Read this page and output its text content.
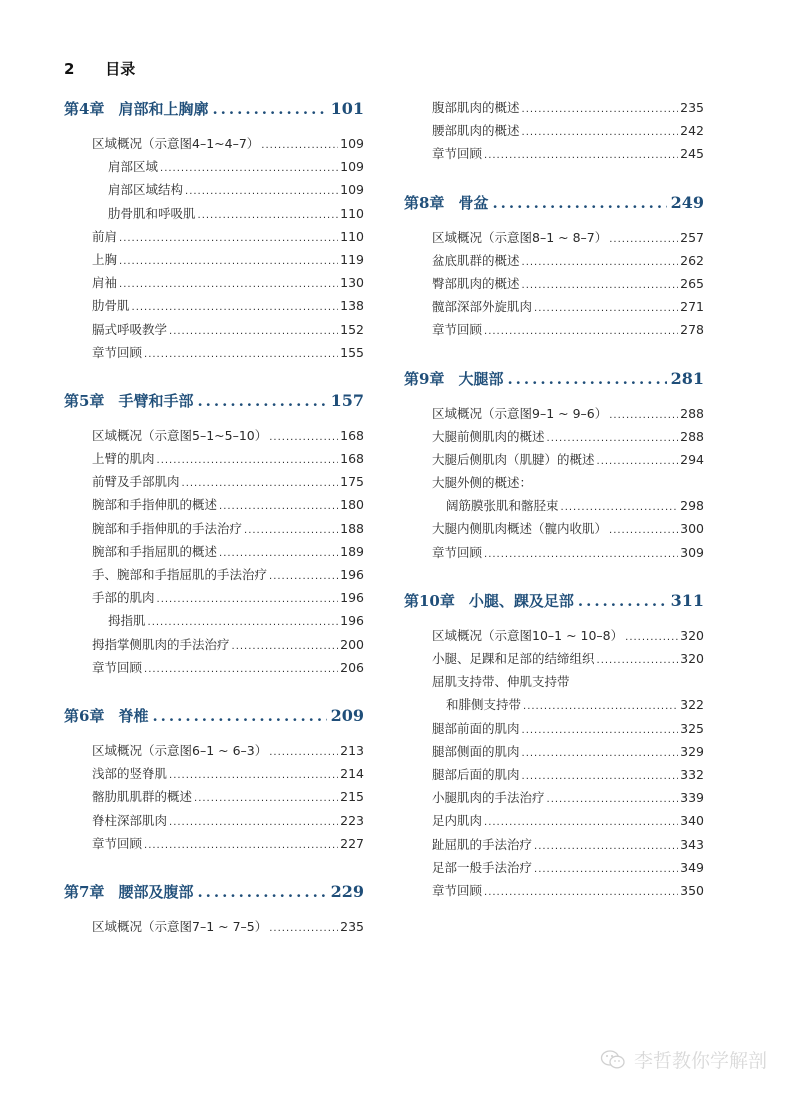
2 目录
第4章 肩部和上胸廓 .....	101
区域概况（示意图4–1~4–7） .....	109
肩部区域 .....	109
肩部区域结构 .....	109
肋骨肌和呼吸肌 .....	110
前肩 .....	110
上胸 .....	119
肩袖 .....	130
肋骨肌 .....	138
膈式呼吸教学 .....	152
章节回顾 .....	155
第5章 手臂和手部 .....	157
区域概况（示意图5–1~5–10） .....	168
上臂的肌肉 .....	168
前臂及手部肌肉 .....	175
腕部和手指伸肌的概述 .....	180
腕部和手指伸肌的手法治疗 .....	188
腕部和手指屈肌的概述 .....	189
手、腕部和手指屈肌的手法治疗 .....	196
手部的肌肉 .....	196
拇指肌 .....	196
拇指掌侧肌肉的手法治疗 .....	200
章节回顾 .....	206
第6章 脊椎 .....	209
区域概况（示意图6–1 ~ 6–3） .....	213
浅部的竖脊肌 .....	214
髂肋肌肌群的概述 .....	215
脊柱深部肌肉 .....	223
章节回顾 .....	227
第7章 腰部及腹部 .....	229
区域概况（示意图7–1 ~ 7–5） .....	235
腹部肌肉的概述 .....	235
腰部肌肉的概述 .....	242
章节回顾 .....	245
第8章 骨盆 .....	249
区域概况（示意图8–1 ~ 8–7） .....	257
盆底肌群的概述 .....	262
臀部肌肉的概述 .....	265
髋部深部外旋肌肉 .....	271
章节回顾 .....	278
第9章 大腿部 .....	281
区域概况（示意图9–1 ~ 9–6） .....	288
大腿前侧肌肉的概述 .....	288
大腿后侧肌肉（肌腱）的概述 .....	294
大腿外侧的概述：
阔筋膜张肌和髂胫束 .....	298
大腿内侧肌肉概述（髋内收肌） .....	300
章节回顾 .....	309
第10章 小腿、踝及足部 .....	311
区域概况（示意图10–1 ~ 10–8） .....	320
小腿、足踝和足部的结缔组织 .....	320
屈肌支持带、伸肌支持带
和腓侧支持带 .....	322
腿部前面的肌肉 .....	325
腿部侧面的肌肉 .....	329
腿部后面的肌肉 .....	332
小腿肌肉的手法治疗 .....	339
足内肌肉 .....	340
趾屈肌的手法治疗 .....	343
足部一般手法治疗 .....	349
章节回顾 .....	350
李哲教你学解剖
